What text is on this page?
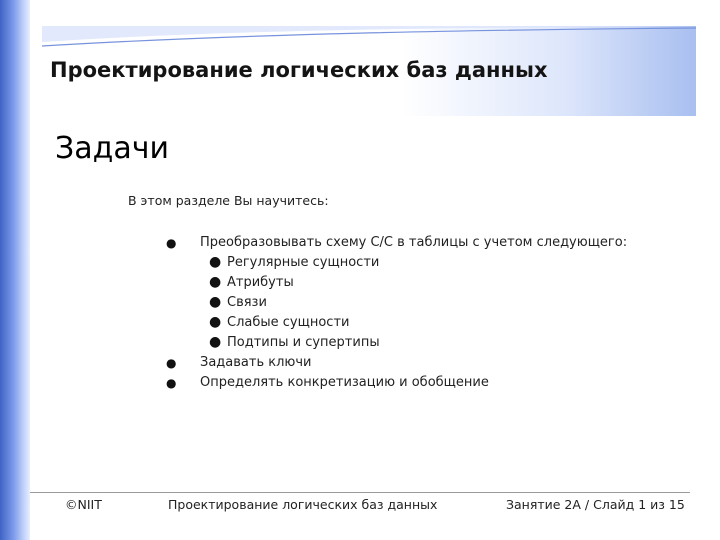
Проектирование логических баз данных
Задачи

В этом разделе Вы научитесь:

● Преобразовывать схему С/С в таблицы с учетом следующего:
● Регулярные сущности
● Атрибуты
● Связи
● Слабые сущности
● Подтипы и супертипы
● Задавать ключи
● Определять конкретизацию и обобщение
©NIIT	Проектирование логических баз данных	Занятие 2А / Слайд 1 из 15
